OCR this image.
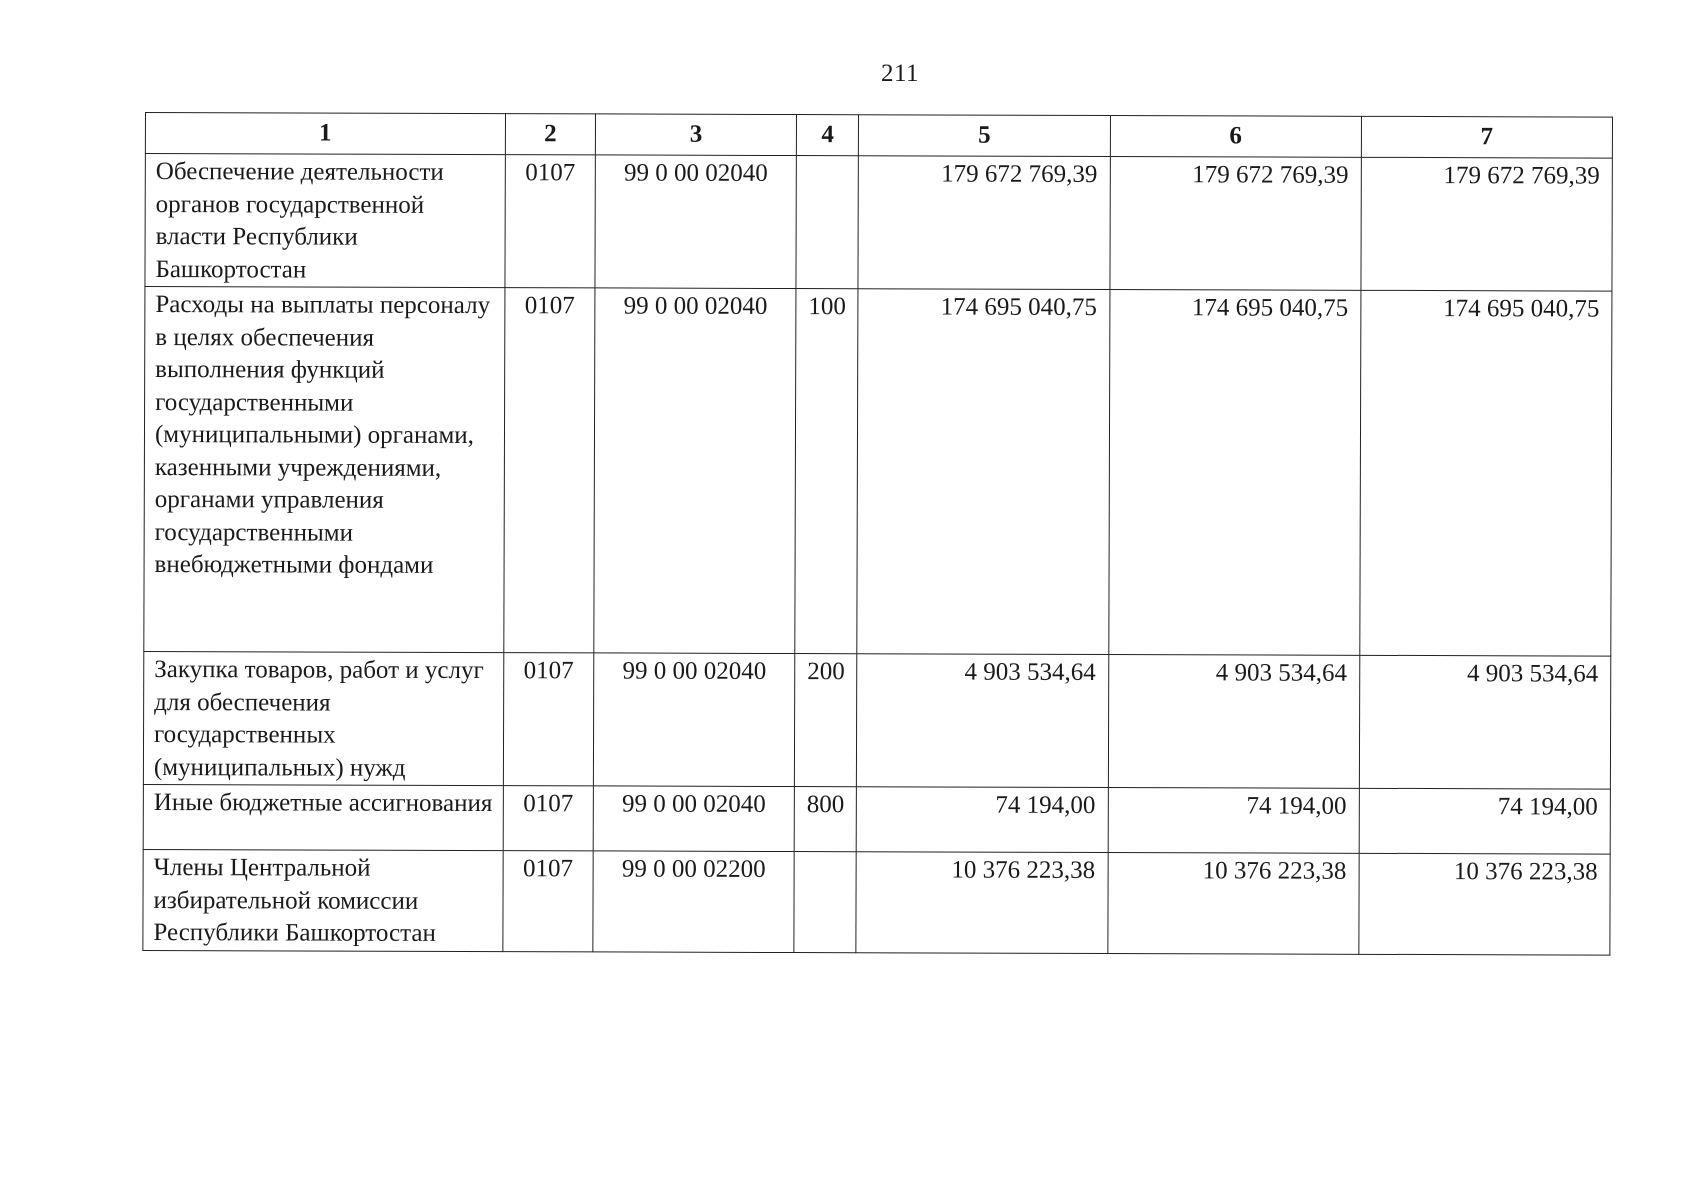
211
1	2	3	4	5	6	7
Обеспечение деятельности органов государственной власти Республики Башкортостан	0107	99 0 00 02040		179 672 769,39	179 672 769,39	179 672 769,39
Расходы на выплаты персоналу в целях обеспечения выполнения функций государственными (муниципальными) органами, казенными учреждениями, органами управления государственными внебюджетными фондами	0107	99 0 00 02040	100	174 695 040,75	174 695 040,75	174 695 040,75
Закупка товаров, работ и услуг для обеспечения государственных (муниципальных) нужд	0107	99 0 00 02040	200	4 903 534,64	4 903 534,64	4 903 534,64
Иные бюджетные ассигнования	0107	99 0 00 02040	800	74 194,00	74 194,00	74 194,00
Члены Центральной избирательной комиссии Республики Башкортостан	0107	99 0 00 02200		10 376 223,38	10 376 223,38	10 376 223,38
